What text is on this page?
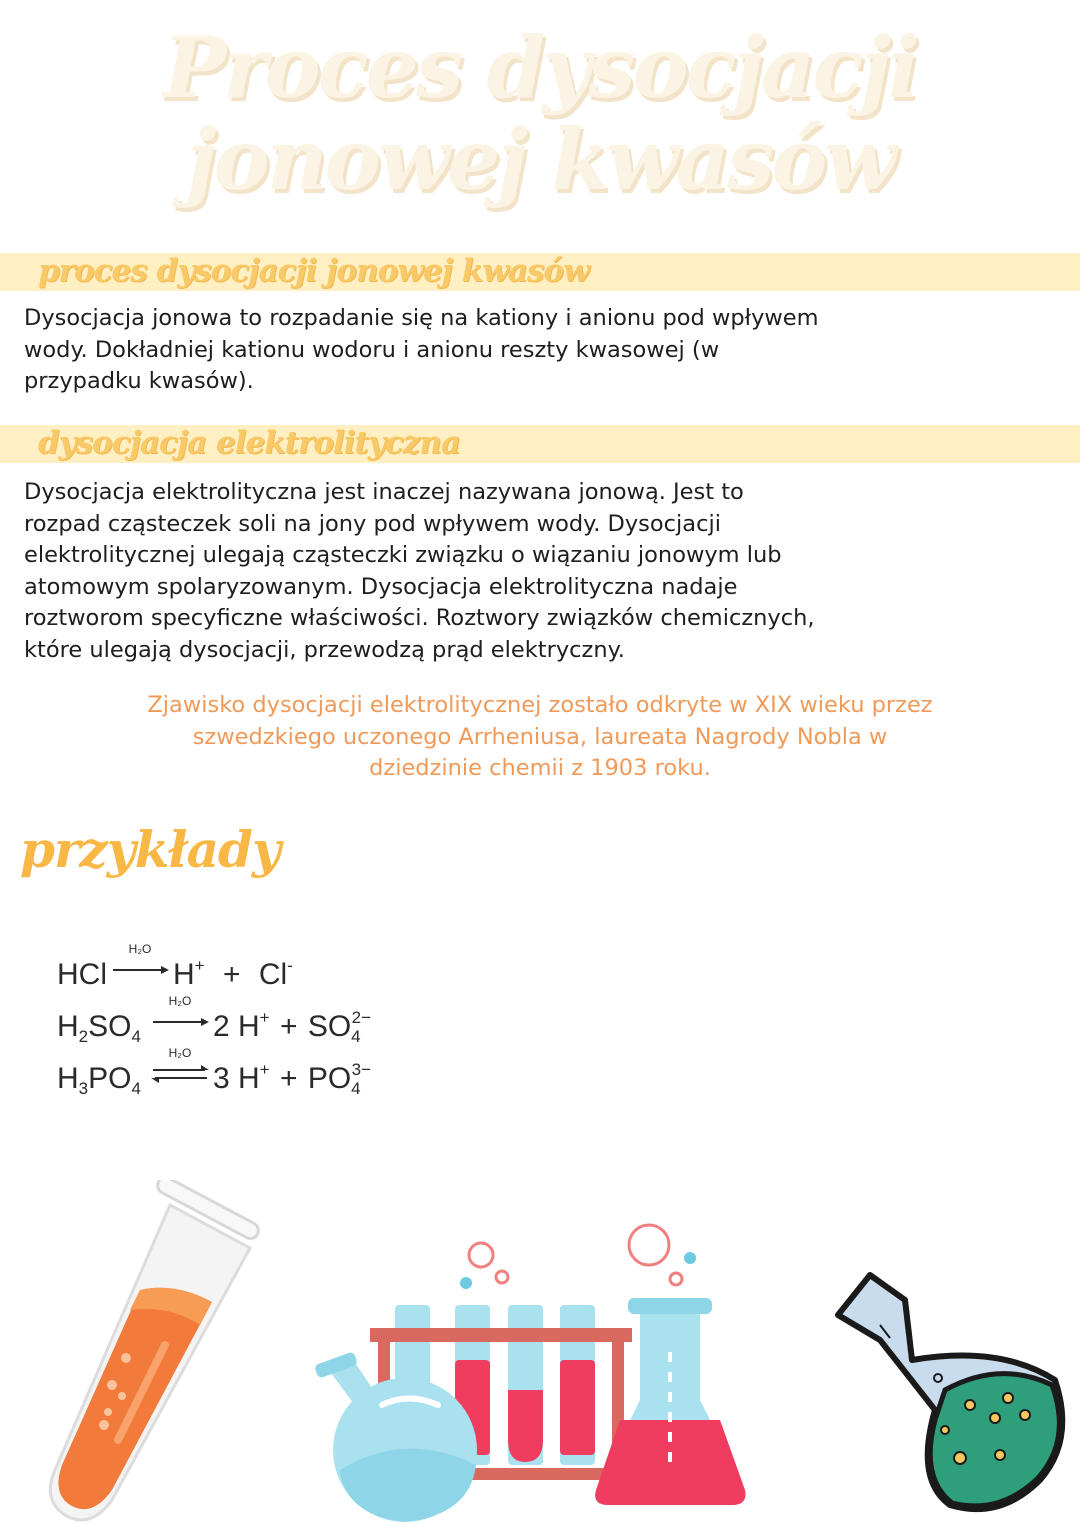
Proces dysocjacji
jonowej kwasów
proces dysocjacji jonowej kwasów
Dysocjacja jonowa to rozpadanie się na kationy i anionu pod wpływem
wody. Dokładniej kationu wodoru i anionu reszty kwasowej (w
przypadku kwasów).
dysocjacja elektrolityczna
Dysocjacja elektrolityczna jest inaczej nazywana jonową. Jest to
rozpad cząsteczek soli na jony pod wpływem wody. Dysocjacji
elektrolitycznej ulegają cząsteczki związku o wiązaniu jonowym lub
atomowym spolaryzowanym. Dysocjacja elektrolityczna nadaje
roztworom specyficzne właściwości. Roztwory związków chemicznych,
które ulegają dysocjacji, przewodzą prąd elektryczny.
Zjawisko dysocjacji elektrolitycznej zostało odkryte w XIX wieku przez
szwedzkiego uczonego Arrheniusa, laureata Nagrody Nobla w
dziedzinie chemii z 1903 roku.
przykłady
HCl
H₂O
H+ + Cl-
H2SO4
H₂O
2 H+ + SO42−
H3PO4
H₂O
3 H+ + PO43−
